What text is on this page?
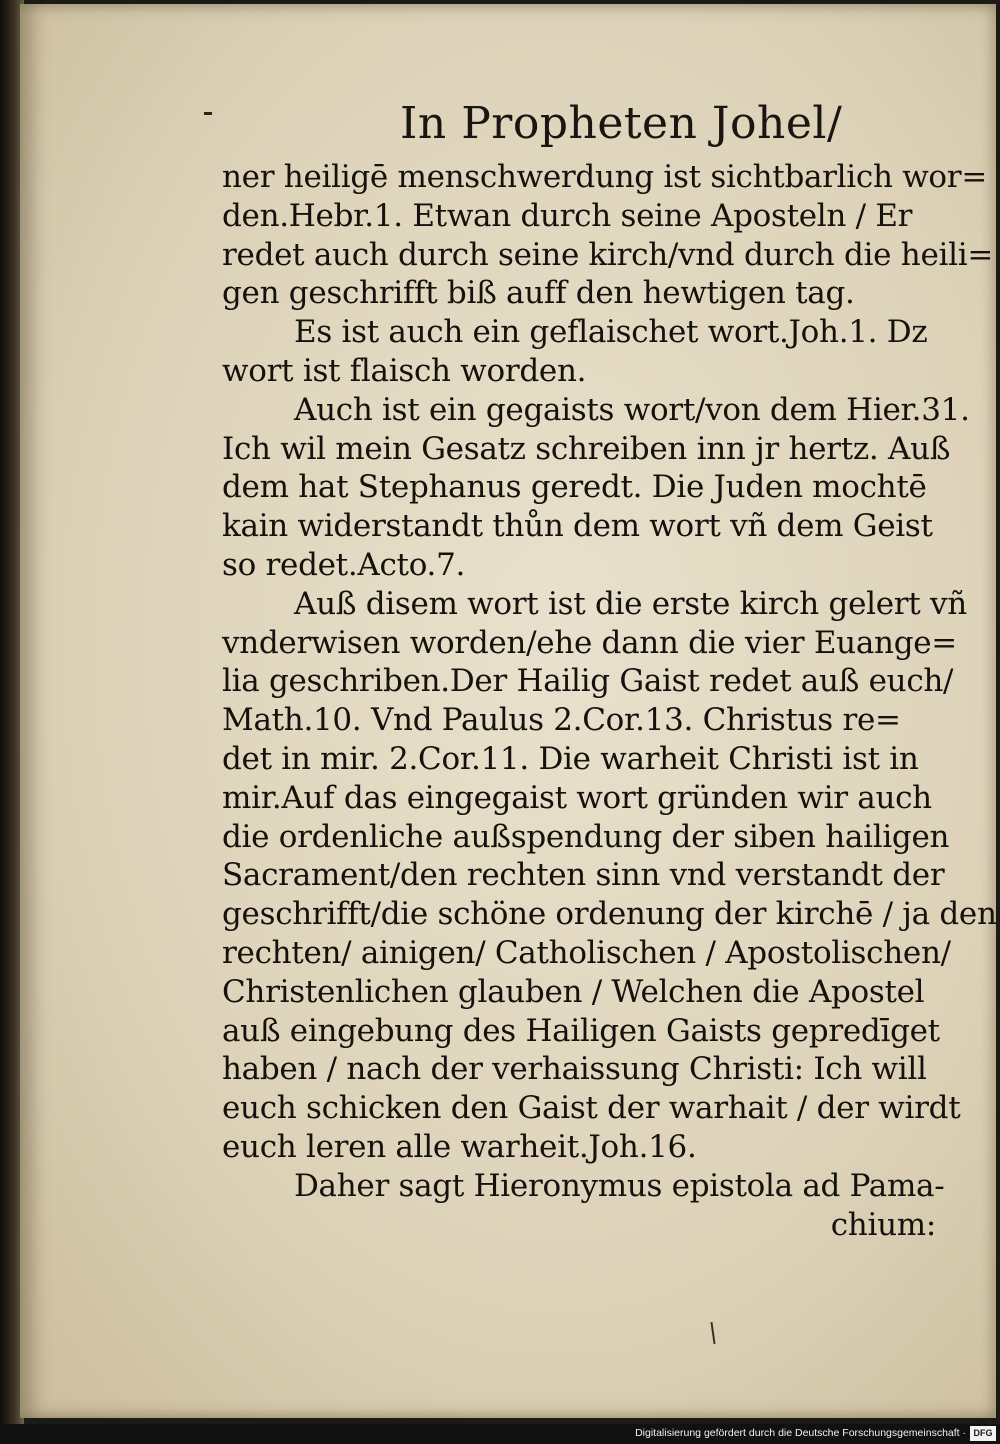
In Propheten Johel/
ner heiligē menschwerdung ist sichtbarlich wor=
den.Hebr.1. Etwan durch seine Aposteln / Er
redet auch durch seine kirch/vnd durch die heili=
gen geschrifft biß auff den hewtigen tag.
Es ist auch ein geflaischet wort.Joh.1. Dz
wort ist flaisch worden.
Auch ist ein gegaists wort/von dem Hier.31.
Ich wil mein Gesatz schreiben inn jr hertz. Auß
dem hat Stephanus geredt. Die Juden mochtē
kain widerstandt thůn dem wort vñ dem Geist
so redet.Acto.7.
Auß disem wort ist die erste kirch gelert vñ
vnderwisen worden/ehe dann die vier Euange=
lia geschriben.Der Hailig Gaist redet auß euch/
Math.10. Vnd Paulus 2.Cor.13. Christus re=
det in mir. 2.Cor.11. Die warheit Christi ist in
mir.Auf das eingegaist wort gründen wir auch
die ordenliche außspendung der siben hailigen
Sacrament/den rechten sinn vnd verstandt der
geschrifft/die schöne ordenung der kirchē / ja den
rechten/ ainigen/ Catholischen / Apostolischen/
Christenlichen glauben / Welchen die Apostel
auß eingebung des Hailigen Gaists gepredīget
haben / nach der verhaissung Christi: Ich will
euch schicken den Gaist der warhait / der wirdt
euch leren alle warheit.Joh.16.
Daher sagt Hieronymus epistola ad Pama-
chium:
Digitalisierung gefördert durch die Deutsche Forschungsgemeinschaft · DFG
